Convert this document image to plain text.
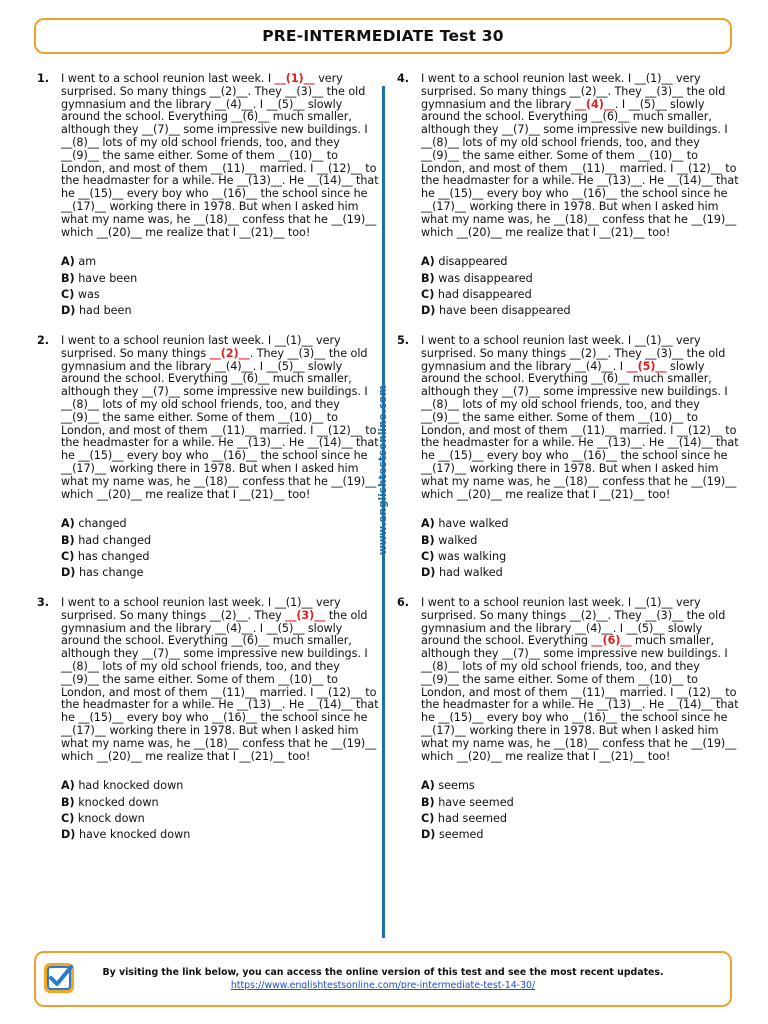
PRE-INTERMEDIATE Test 30
www.englishtestsonline.com
1. I went to a school reunion last week. I __(1)__ very surprised. So many things __(2)__. They __(3)__ the old gymnasium and the library __(4)__. I __(5)__ slowly around the school. Everything __(6)__ much smaller, although they __(7)__ some impressive new buildings. I __(8)__ lots of my old school friends, too, and they __(9)__ the same either. Some of them __(10)__ to London, and most of them __(11)__ married. I __(12)__ to the headmaster for a while. He __(13)__. He __(14)__ that he __(15)__ every boy who __(16)__ the school since he __(17)__ working there in 1978. But when I asked him what my name was, he __(18)__ confess that he __(19)__ which __(20)__ me realize that I __(21)__ too!
A) am
B) have been
C) was
D) had been
2. I went to a school reunion last week. I __(1)__ very surprised. So many things __(2)__. They __(3)__ the old gymnasium and the library __(4)__. I __(5)__ slowly around the school. Everything __(6)__ much smaller, although they __(7)__ some impressive new buildings. I __(8)__ lots of my old school friends, too, and they __(9)__ the same either. Some of them __(10)__ to London, and most of them __(11)__ married. I __(12)__ to the headmaster for a while. He __(13)__. He __(14)__ that he __(15)__ every boy who __(16)__ the school since he __(17)__ working there in 1978. But when I asked him what my name was, he __(18)__ confess that he __(19)__ which __(20)__ me realize that I __(21)__ too!
A) changed
B) had changed
C) has changed
D) has change
3. I went to a school reunion last week. I __(1)__ very surprised. So many things __(2)__. They __(3)__ the old gymnasium and the library __(4)__. I __(5)__ slowly around the school. Everything __(6)__ much smaller, although they __(7)__ some impressive new buildings. I __(8)__ lots of my old school friends, too, and they __(9)__ the same either. Some of them __(10)__ to London, and most of them __(11)__ married. I __(12)__ to the headmaster for a while. He __(13)__. He __(14)__ that he __(15)__ every boy who __(16)__ the school since he __(17)__ working there in 1978. But when I asked him what my name was, he __(18)__ confess that he __(19)__ which __(20)__ me realize that I __(21)__ too!
A) had knocked down
B) knocked down
C) knock down
D) have knocked down
4. I went to a school reunion last week. I __(1)__ very surprised. So many things __(2)__. They __(3)__ the old gymnasium and the library __(4)__. I __(5)__ slowly around the school. Everything __(6)__ much smaller, although they __(7)__ some impressive new buildings. I __(8)__ lots of my old school friends, too, and they __(9)__ the same either. Some of them __(10)__ to London, and most of them __(11)__ married. I __(12)__ to the headmaster for a while. He __(13)__. He __(14)__ that he __(15)__ every boy who __(16)__ the school since he __(17)__ working there in 1978. But when I asked him what my name was, he __(18)__ confess that he __(19)__ which __(20)__ me realize that I __(21)__ too!
A) disappeared
B) was disappeared
C) had disappeared
D) have been disappeared
5. I went to a school reunion last week. I __(1)__ very surprised. So many things __(2)__. They __(3)__ the old gymnasium and the library __(4)__. I __(5)__ slowly around the school. Everything __(6)__ much smaller, although they __(7)__ some impressive new buildings. I __(8)__ lots of my old school friends, too, and they __(9)__ the same either. Some of them __(10)__ to London, and most of them __(11)__ married. I __(12)__ to the headmaster for a while. He __(13)__. He __(14)__ that he __(15)__ every boy who __(16)__ the school since he __(17)__ working there in 1978. But when I asked him what my name was, he __(18)__ confess that he __(19)__ which __(20)__ me realize that I __(21)__ too!
A) have walked
B) walked
C) was walking
D) had walked
6. I went to a school reunion last week. I __(1)__ very surprised. So many things __(2)__. They __(3)__ the old gymnasium and the library __(4)__. I __(5)__ slowly around the school. Everything __(6)__ much smaller, although they __(7)__ some impressive new buildings. I __(8)__ lots of my old school friends, too, and they __(9)__ the same either. Some of them __(10)__ to London, and most of them __(11)__ married. I __(12)__ to the headmaster for a while. He __(13)__. He __(14)__ that he __(15)__ every boy who __(16)__ the school since he __(17)__ working there in 1978. But when I asked him what my name was, he __(18)__ confess that he __(19)__ which __(20)__ me realize that I __(21)__ too!
A) seems
B) have seemed
C) had seemed
D) seemed
By visiting the link below, you can access the online version of this test and see the most recent updates.
https://www.englishtestsonline.com/pre-intermediate-test-14-30/
